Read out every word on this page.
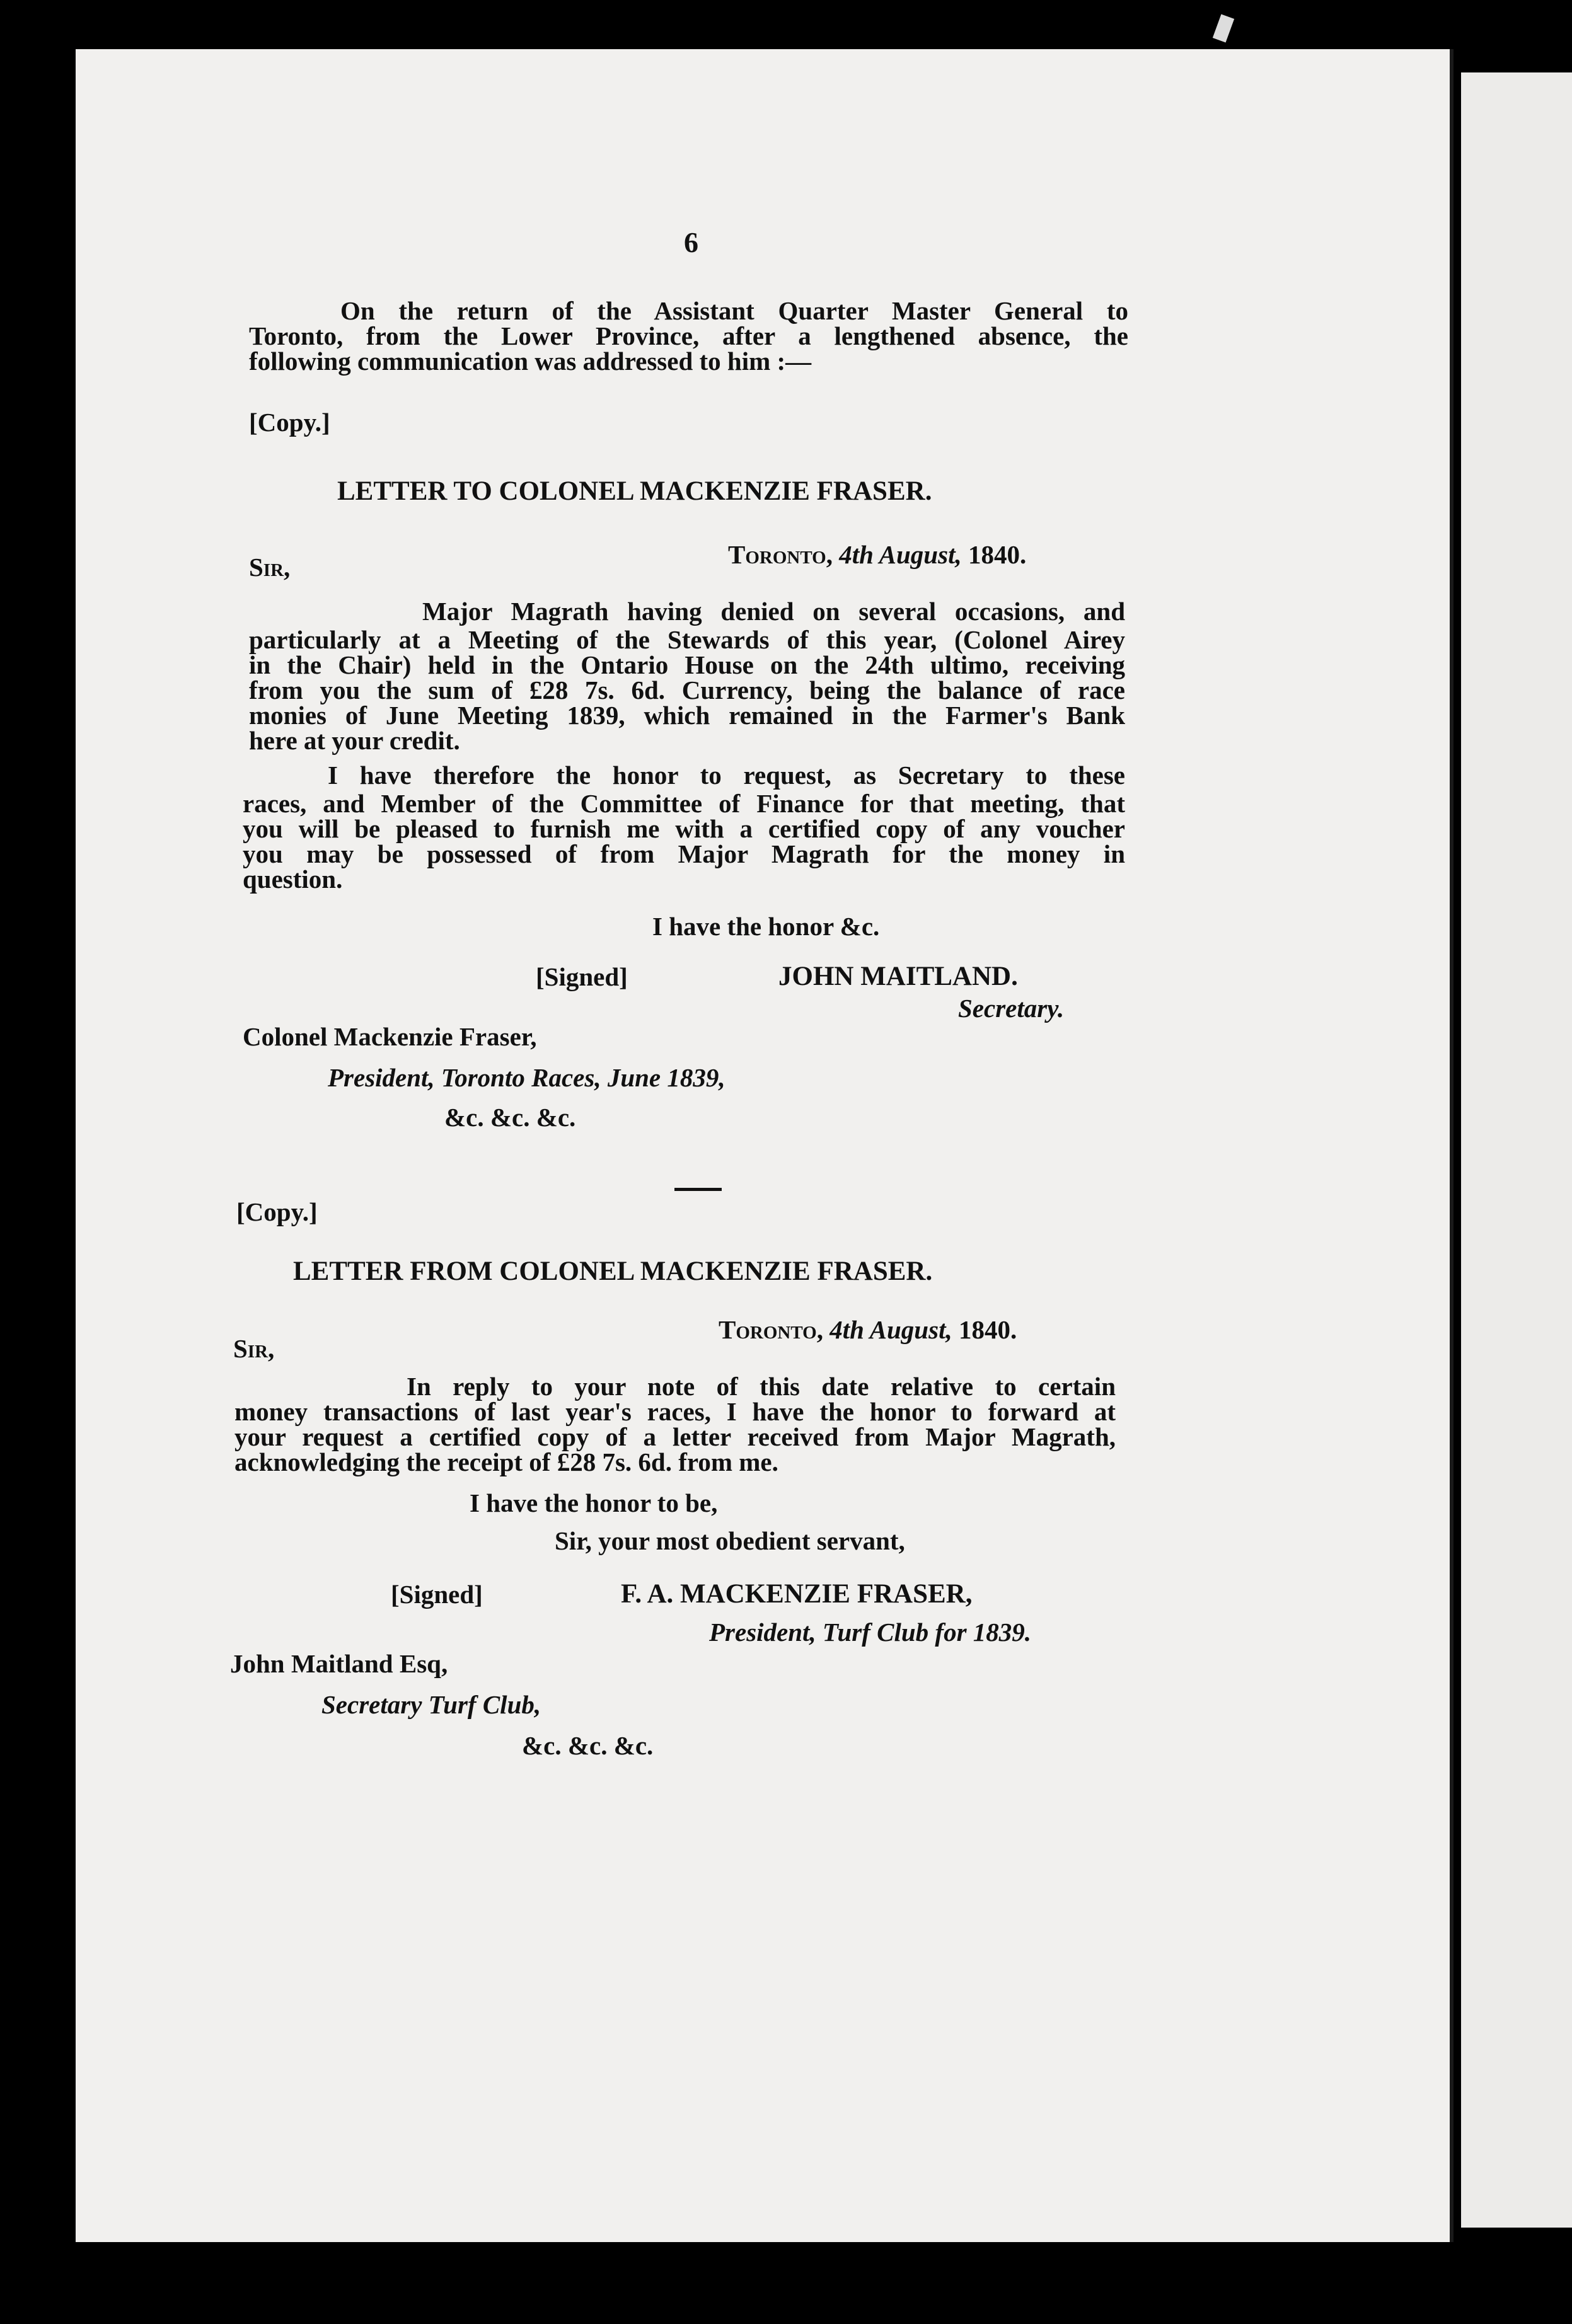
6
On the return of the Assistant Quarter Master General to
Toronto, from the Lower Province, after a lengthened absence, the
following communication was addressed to him :—
[Copy.]
LETTER TO COLONEL MACKENZIE FRASER.
Toronto, 4th August, 1840.
Sir,
Major Magrath having denied on several occasions, and
particularly at a Meeting of the Stewards of this year, (Colonel Airey
in the Chair) held in the Ontario House on the 24th ultimo, receiving
from you the sum of £28 7s. 6d. Currency, being the balance of race
monies of June Meeting 1839, which remained in the Farmer's Bank
here at your credit.
I have therefore the honor to request, as Secretary to these
races, and Member of the Committee of Finance for that meeting, that
you will be pleased to furnish me with a certified copy of any voucher
you may be possessed of from Major Magrath for the money in
question.
I have the honor &c.
[Signed]	JOHN MAITLAND.
Secretary.
Colonel Mackenzie Fraser,
President, Toronto Races, June 1839,
&c. &c. &c.
[Copy.]
LETTER FROM COLONEL MACKENZIE FRASER.
Toronto, 4th August, 1840.
Sir,
In reply to your note of this date relative to certain
money transactions of last year's races, I have the honor to forward at
your request a certified copy of a letter received from Major Magrath,
acknowledging the receipt of £28 7s. 6d. from me.
I have the honor to be,
Sir, your most obedient servant,
[Signed]	F. A. MACKENZIE FRASER,
President, Turf Club for 1839.
John Maitland Esq,
Secretary Turf Club,
&c. &c. &c.
